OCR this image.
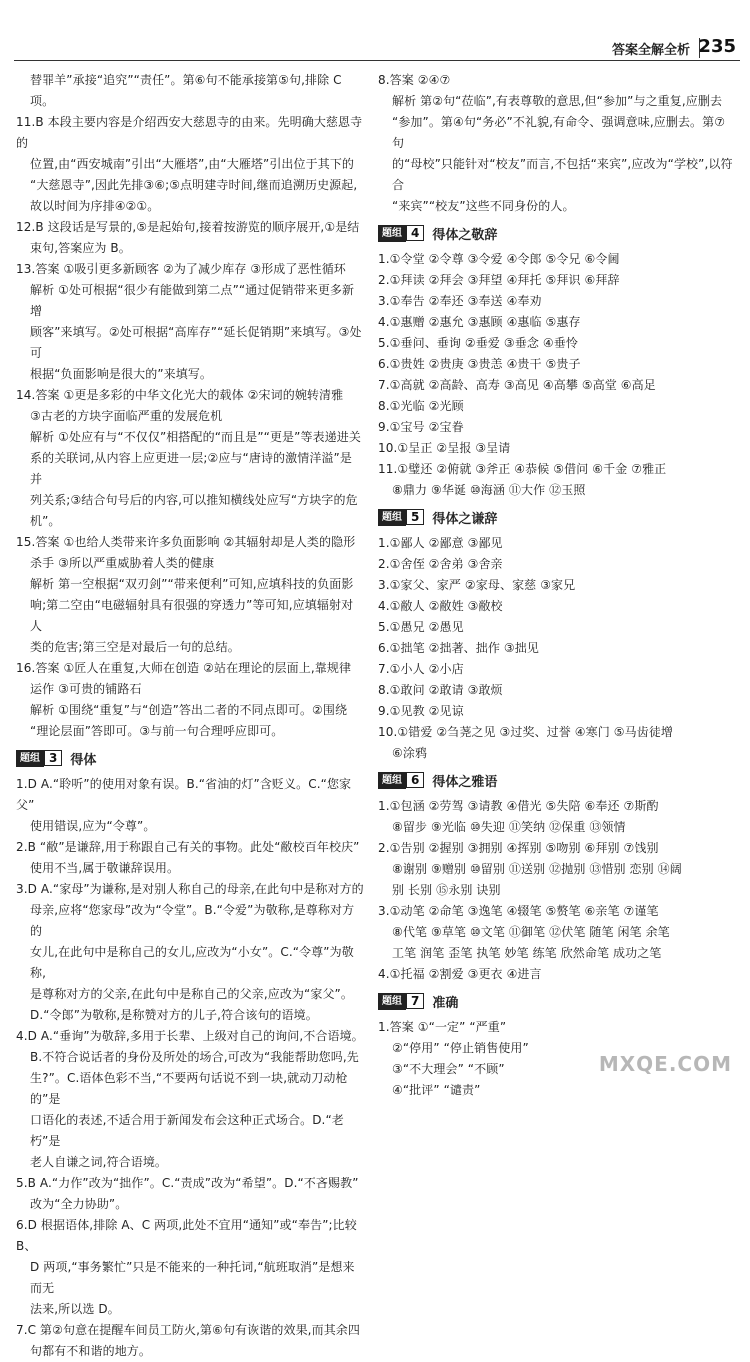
答案全解全析 235

替罪羊”承接“追究”“责任”。第⑥句不能承接第⑤句,排除 C 项。

11.B 本段主要内容是介绍西安大慈恩寺的由来。先明确大慈恩寺的

位置,由“西安城南”引出“大雁塔”,由“大雁塔”引出位于其下的

“大慈恩寺”,因此先排③⑥;⑤点明建寺时间,继而追溯历史源起,

故以时间为序排④②①。

12.B 这段话是写景的,⑤是起始句,接着按游览的顺序展开,①是结

束句,答案应为 B。

13.答案 ①吸引更多新顾客 ②为了减少库存 ③形成了恶性循环

解析 ①处可根据“很少有能做到第二点”“通过促销带来更多新增

顾客”来填写。②处可根据“高库存”“延长促销期”来填写。③处可

根据“负面影响是很大的”来填写。

14.答案 ①更是多彩的中华文化光大的载体 ②宋词的婉转清雅

③古老的方块字面临严重的发展危机

解析 ①处应有与“不仅仅”相搭配的“而且是”“更是”等表递进关

系的关联词,从内容上应更进一层;②应与“唐诗的激情洋溢”是并

列关系;③结合句号后的内容,可以推知横线处应写“方块字的危

机”。

15.答案 ①也给人类带来许多负面影响 ②其辐射却是人类的隐形

杀手 ③所以严重威胁着人类的健康

解析 第一空根据“双刃剑”“带来便利”可知,应填科技的负面影

响;第二空由“电磁辐射具有很强的穿透力”等可知,应填辐射对人

类的危害;第三空是对最后一句的总结。

16.答案 ①匠人在重复,大师在创造 ②站在理论的层面上,靠规律

运作 ③可贵的铺路石

解析 ①围绕“重复”与“创造”答出二者的不同点即可。②围绕

“理论层面”答即可。③与前一句合理呼应即可。

题组 3	得体

1.D A.“聆听”的使用对象有误。B.“省油的灯”含贬义。C.“您家父”

使用错误,应为“令尊”。

2.B “敝”是谦辞,用于称跟自己有关的事物。此处“敝校百年校庆”

使用不当,属于敬谦辞误用。

3.D A.“家母”为谦称,是对别人称自己的母亲,在此句中是称对方的

母亲,应将“您家母”改为“令堂”。B.“令爱”为敬称,是尊称对方的

女儿,在此句中是称自己的女儿,应改为“小女”。C.“令尊”为敬称,

是尊称对方的父亲,在此句中是称自己的父亲,应改为“家父”。

D.“令郎”为敬称,是称赞对方的儿子,符合该句的语境。

4.D A.“垂询”为敬辞,多用于长辈、上级对自己的询问,不合语境。

B.不符合说话者的身份及所处的场合,可改为“我能帮助您吗,先

生?”。C.语体色彩不当,“不要两句话说不到一块,就动刀动枪的”是

口语化的表述,不适合用于新闻发布会这种正式场合。D.“老朽”是

老人自谦之词,符合语境。

5.B A.“力作”改为“拙作”。C.“责成”改为“希望”。D.“不吝赐教”

改为“全力协助”。

6.D 根据语体,排除 A、C 两项,此处不宜用“通知”或“奉告”;比较 B、

D 两项,“事务繁忙”只是不能来的一种托词,“航班取消”是想来而无

法来,所以选 D。

7.C 第②句意在提醒车间员工防火,第⑥句有诙谐的效果,而其余四

句都有不和谐的地方。

8.答案 ②④⑦

解析 第②句“莅临”,有表尊敬的意思,但“参加”与之重复,应删去

“参加”。第④句“务必”不礼貌,有命令、强调意味,应删去。第⑦句

的“母校”只能针对“校友”而言,不包括“来宾”,应改为“学校”,以符合

“来宾”“校友”这些不同身份的人。

题组 4	得体之敬辞

1.①令堂 ②令尊 ③令爱 ④令郎 ⑤令兄 ⑥令阃

2.①拜读 ②拜会 ③拜望 ④拜托 ⑤拜识 ⑥拜辞

3.①奉告 ②奉还 ③奉送 ④奉劝

4.①惠赠 ②惠允 ③惠顾 ④惠临 ⑤惠存

5.①垂问、垂询 ②垂爱 ③垂念 ④垂怜

6.①贵姓 ②贵庚 ③贵恙 ④贵干 ⑤贵子

7.①高就 ②高龄、高寿 ③高见 ④高攀 ⑤高堂 ⑥高足

8.①光临 ②光顾

9.①宝号 ②宝眷

10.①呈正 ②呈报 ③呈请

11.①璧还 ②俯就 ③斧正 ④恭候 ⑤借问 ⑥千金 ⑦雅正

⑧鼎力 ⑨华诞 ⑩海涵 ⑪大作 ⑫玉照

题组 5	得体之谦辞

1.①鄙人 ②鄙意 ③鄙见

2.①舍侄 ②舍弟 ③舍亲

3.①家父、家严 ②家母、家慈 ③家兄

4.①敝人 ②敝姓 ③敝校

5.①愚兄 ②愚见

6.①拙笔 ②拙著、拙作 ③拙见

7.①小人 ②小店

8.①敢问 ②敢请 ③敢烦

9.①见教 ②见谅

10.①错爱 ②刍荛之见 ③过奖、过誉 ④寒门 ⑤马齿徒增

⑥涂鸦

题组 6	得体之雅语

1.①包涵 ②劳驾 ③请教 ④借光 ⑤失陪 ⑥奉还 ⑦斯酌

⑧留步 ⑨光临 ⑩失迎 ⑪笑纳 ⑫保重 ⑬领情

2.①告别 ②握别 ③拥别 ④挥别 ⑤吻别 ⑥拜别 ⑦饯别

⑧谢别 ⑨赠别 ⑩留别 ⑪送别 ⑫抛别 ⑬惜别 恋别 ⑭阔

别 长别 ⑮永别 诀别

3.①动笔 ②命笔 ③逸笔 ④辍笔 ⑤赘笔 ⑥亲笔 ⑦谨笔

⑧代笔 ⑨草笔 ⑩文笔 ⑪御笔 ⑫伏笔 随笔 闲笔 余笔

工笔 润笔 歪笔 执笔 妙笔 练笔 欣然命笔 成功之笔

4.①托福 ②割爱 ③更衣 ④进言

题组 7	准确

1.答案 ①“一定” “严重”

②“停用” “停止销售使用”

③“不大理会” “不顾”

④“批评” “谴责”

MXQE.COM
